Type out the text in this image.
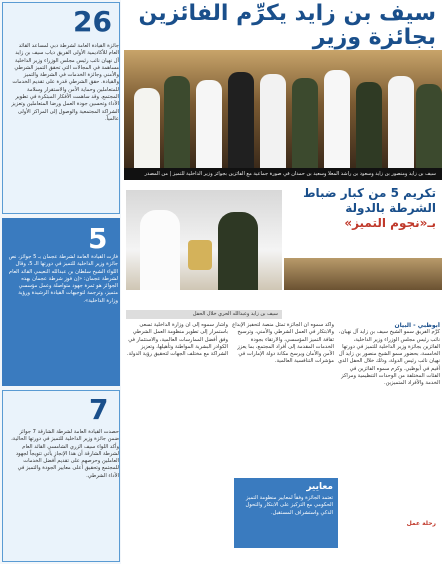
سيف بن زايد يكرِّم الفائزين بجائزة وزير
سيف بن زايد ومنصور بن زايد وسعود بن راشد المعلا وسعيد بن حمدان في صورة جماعية مع الفائزين بجوائز وزير الداخلية للتميز | من المصدر
26
جائزة القيادة العامة لشرطة دبي لمساعد القائد العام للأكاديمية الأولى الفريق ذياب سيف بن زايد آل نهيان نائب رئيس مجلس الوزراء وزير الداخلية مساهمة في المجالات التي تحقق التميز الشرطي والأمني وجائزة الخدمات في الشرطة والتميز والقيادة. حقق الشرطي قدرة على تقديم الخدمات للمتعاملين وحماية الأمن والاستقرار وسلامة المجتمع. وقد ساهمت الأفكار المبتكرة في تطوير الأداء وتحسين جودة العمل ورضا المتعاملين وتعزيز الشراكة المجتمعية والوصول إلى المراكز الأولى عالمياً.
5
فازت القيادة العامة لشرطة عجمان بـ 5 جوائز، نص جائزة وزير الداخلية للتميز في دورتها الـ 5، وقال اللواء الشيخ سلطان بن عبدالله النعيمي القائد العام لشرطة عجمان: «إن فوز شرطة عجمان بهذه الجوائز هو ثمرة جهود متواصلة وعمل مؤسسي متميز، وترجمة لتوجيهات القيادة الرشيدة ورؤية وزارة الداخلية».
7
حصدت القيادة العامة لشرطة الشارقة 7 جوائز ضمن جائزة وزير الداخلية للتميز في دورتها الحالية، وأكد اللواء سيف الزري الشامسي القائد العام لشرطة الشارقة أن هذا الإنجاز يأتي تتويجاً لجهود العاملين وحرصهم على تقديم أفضل الخدمات للمجتمع وتحقيق أعلى معايير الجودة والتميز في الأداء الشرطي.
تكريم 5 من كبار ضباط
الشرطة بالدولة
بـ«نجوم التميز»
سيف بن زايد وعبدالله الحري خلال الحفل
أبوظبي - البيان
كرَّم الفريق سمو الشيخ سيف بن زايد آل نهيان، نائب رئيس مجلس الوزراء وزير الداخلية، الفائزين بجائزة وزير الداخلية للتميز في دورتها الخامسة، بحضور سمو الشيخ منصور بن زايد آل نهيان نائب رئيس الدولة، وذلك خلال الحفل الذي أقيم في أبوظبي. وكرم سموه الفائزين في الفئات المختلفة من الوحدات التنظيمية ومراكز الخدمة والأفراد المتميزين.
وأكد سموه أن الجائزة تمثل منصة لتحفيز الإبداع والابتكار في العمل الشرطي والأمني، وترسيخ ثقافة التميز المؤسسي، والارتقاء بجودة الخدمات المقدمة إلى أفراد المجتمع، بما يعزز الأمن والأمان ويرسخ مكانة دولة الإمارات في مؤشرات التنافسية العالمية.
وأشار سموه إلى أن وزارة الداخلية تسعى باستمرار إلى تطوير منظومة العمل الشرطي وفق أفضل الممارسات العالمية، والاستثمار في الكوادر البشرية المواطنة وتأهيلها، وتعزيز الشراكة مع مختلف الجهات لتحقيق رؤية الدولة.
معايير
تعتمد الجائزة وفقاً لمعايير منظومة التميز الحكومي مع التركيز على الابتكار والتحول الذكي واستشراف المستقبل.
رحلة عمل
